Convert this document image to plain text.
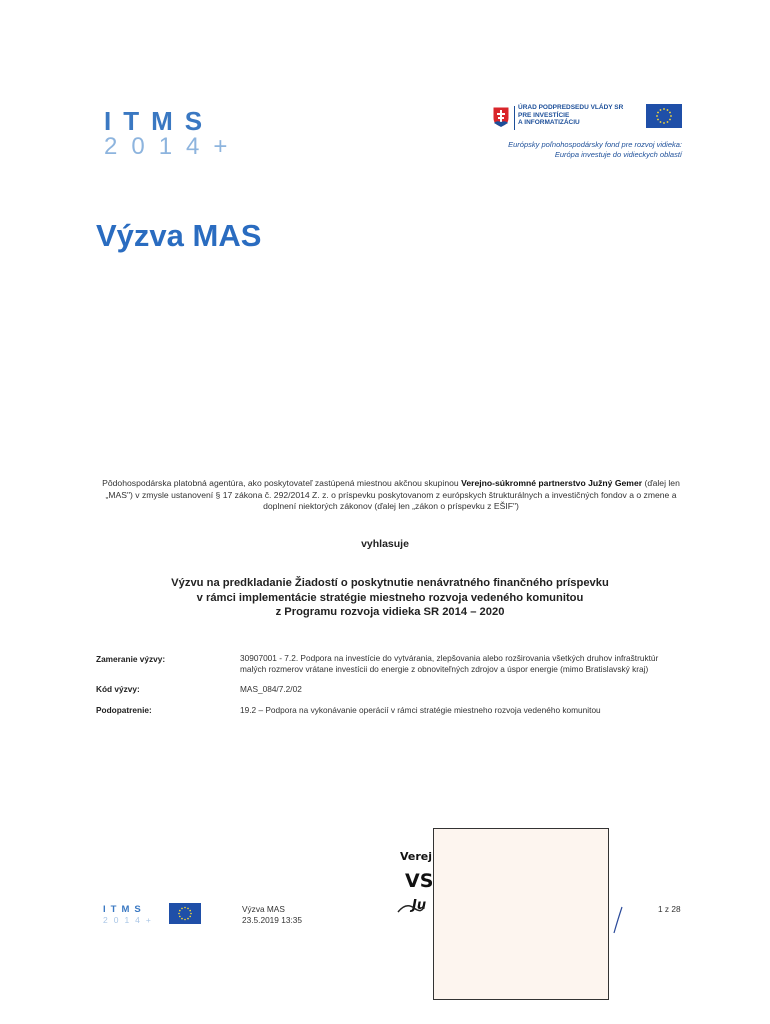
ITMS
2014+
ÚRAD PODPREDSEDU VLÁDY SR
PRE INVESTÍCIE
A INFORMATIZÁCIU
Európsky poľnohospodársky fond pre rozvoj vidieka:
Európa investuje do vidieckych oblastí
Výzva MAS
Pôdohospodárska platobná agentúra, ako poskytovateľ zastúpená miestnou akčnou skupinou Verejno-súkromné partnerstvo Južný Gemer (ďalej len „MAS") v zmysle ustanovení § 17 zákona č. 292/2014 Z. z. o príspevku poskytovanom z európskych štrukturálnych a investičných fondov a o zmene a doplnení niektorých zákonov (ďalej len „zákon o príspevku z EŠIF")
vyhlasuje
Výzvu na predkladanie Žiadostí o poskytnutie nenávratného finančného príspevku
v rámci implementácie stratégie miestneho rozvoja vedeného komunitou
z Programu rozvoja vidieka SR 2014 – 2020
Zameranie výzvy:	30907001 - 7.2. Podpora na investície do vytvárania, zlepšovania alebo rozširovania všetkých druhov infraštruktúr malých rozmerov vrátane investícii do energie z obnoviteľných zdrojov a úspor energie (mimo Bratislavský kraj)
Kód výzvy:	MAS_084/7.2/02
Podopatrenie:	19.2 – Podpora na vykonávanie operácií v rámci stratégie miestneho rozvoja vedeného komunitou
Verej
VS
Ju
ITMS
2014+
Výzva MAS
23.5.2019 13:35
1 z 28
